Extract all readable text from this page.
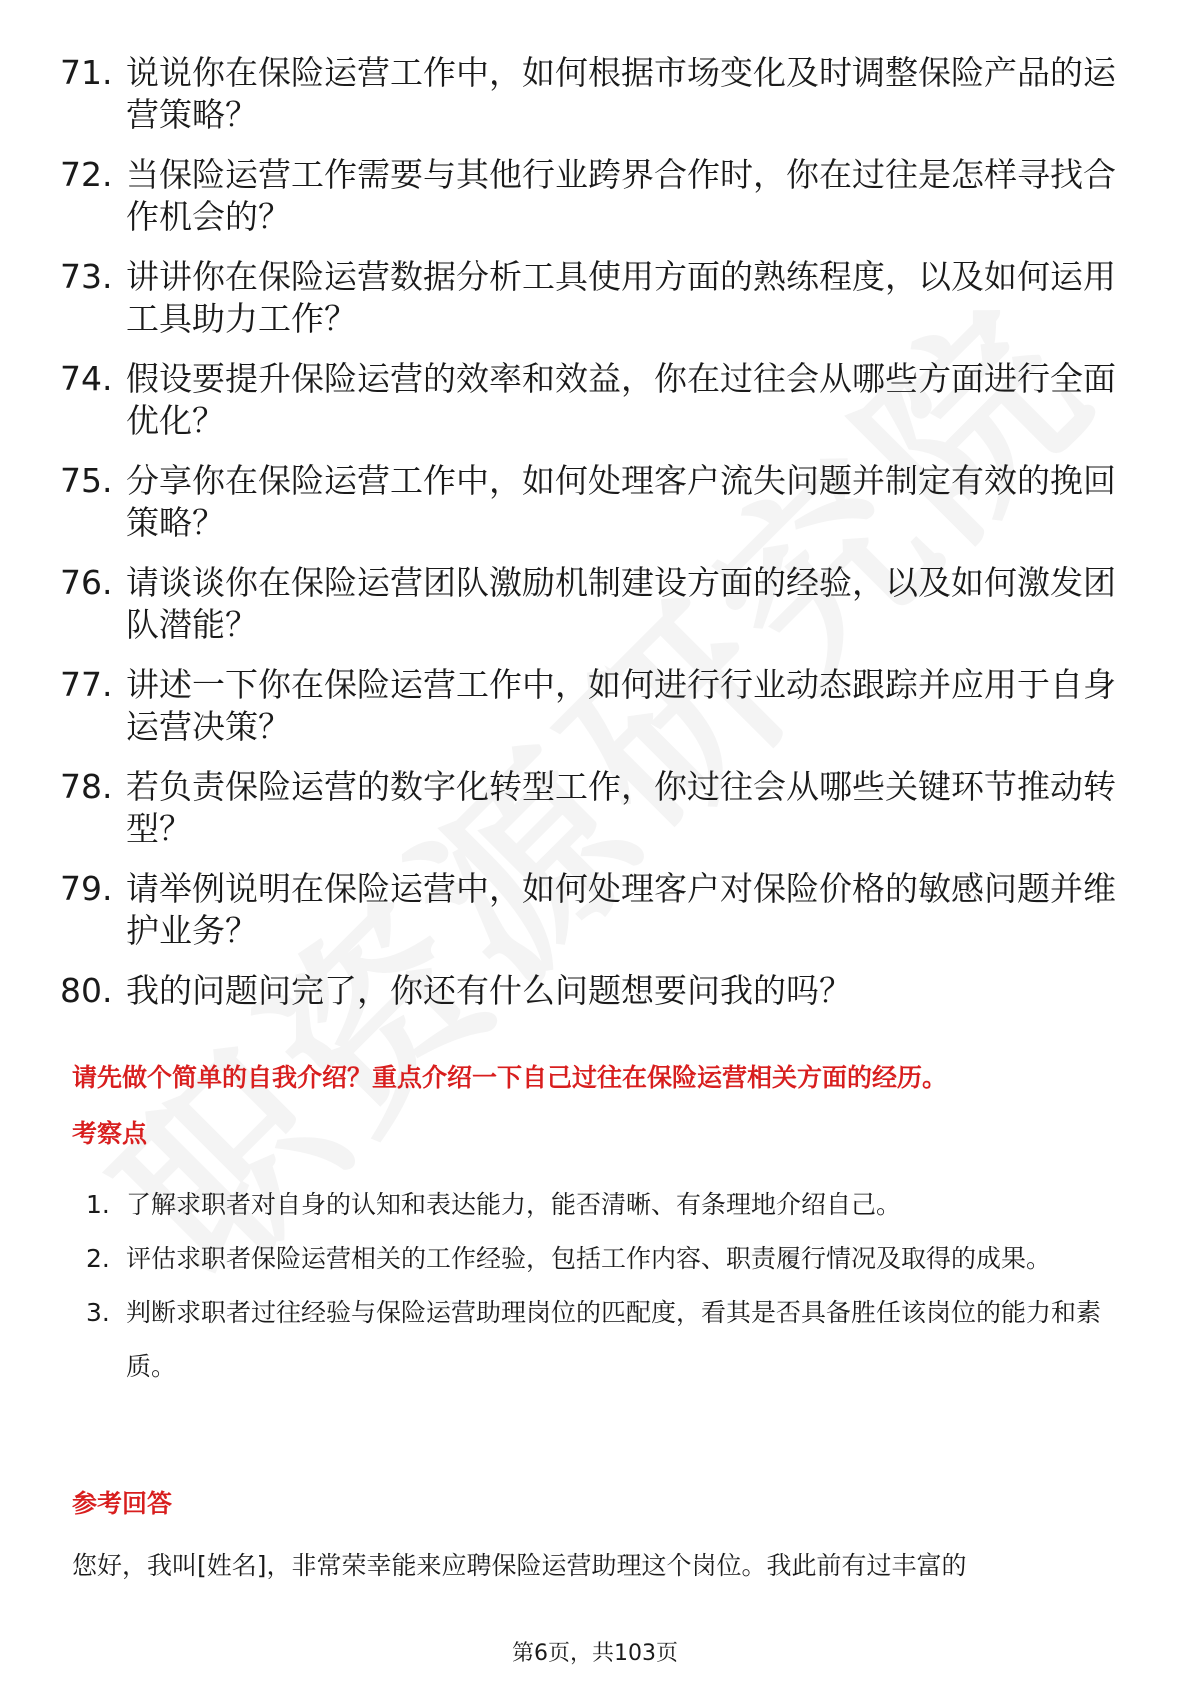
71. 说说你在保险运营工作中，如何根据市场变化及时调整保险产品的运营策略？
72. 当保险运营工作需要与其他行业跨界合作时，你在过往是怎样寻找合作机会的？
73. 讲讲你在保险运营数据分析工具使用方面的熟练程度，以及如何运用工具助力工作？
74. 假设要提升保险运营的效率和效益，你在过往会从哪些方面进行全面优化？
75. 分享你在保险运营工作中，如何处理客户流失问题并制定有效的挽回策略？
76. 请谈谈你在保险运营团队激励机制建设方面的经验，以及如何激发团队潜能？
77. 讲述一下你在保险运营工作中，如何进行行业动态跟踪并应用于自身运营决策？
78. 若负责保险运营的数字化转型工作，你过往会从哪些关键环节推动转型？
79. 请举例说明在保险运营中，如何处理客户对保险价格的敏感问题并维护业务？
80. 我的问题问完了，你还有什么问题想要问我的吗？
请先做个简单的自我介绍？重点介绍一下自己过往在保险运营相关方面的经历。
考察点
1. 了解求职者对自身的认知和表达能力，能否清晰、有条理地介绍自己。
2. 评估求职者保险运营相关的工作经验，包括工作内容、职责履行情况及取得的成果。
3. 判断求职者过往经验与保险运营助理岗位的匹配度，看其是否具备胜任该岗位的能力和素质。
参考回答
您好，我叫[姓名]，非常荣幸能来应聘保险运营助理这个岗位。我此前有过丰富的
第6页，共103页
